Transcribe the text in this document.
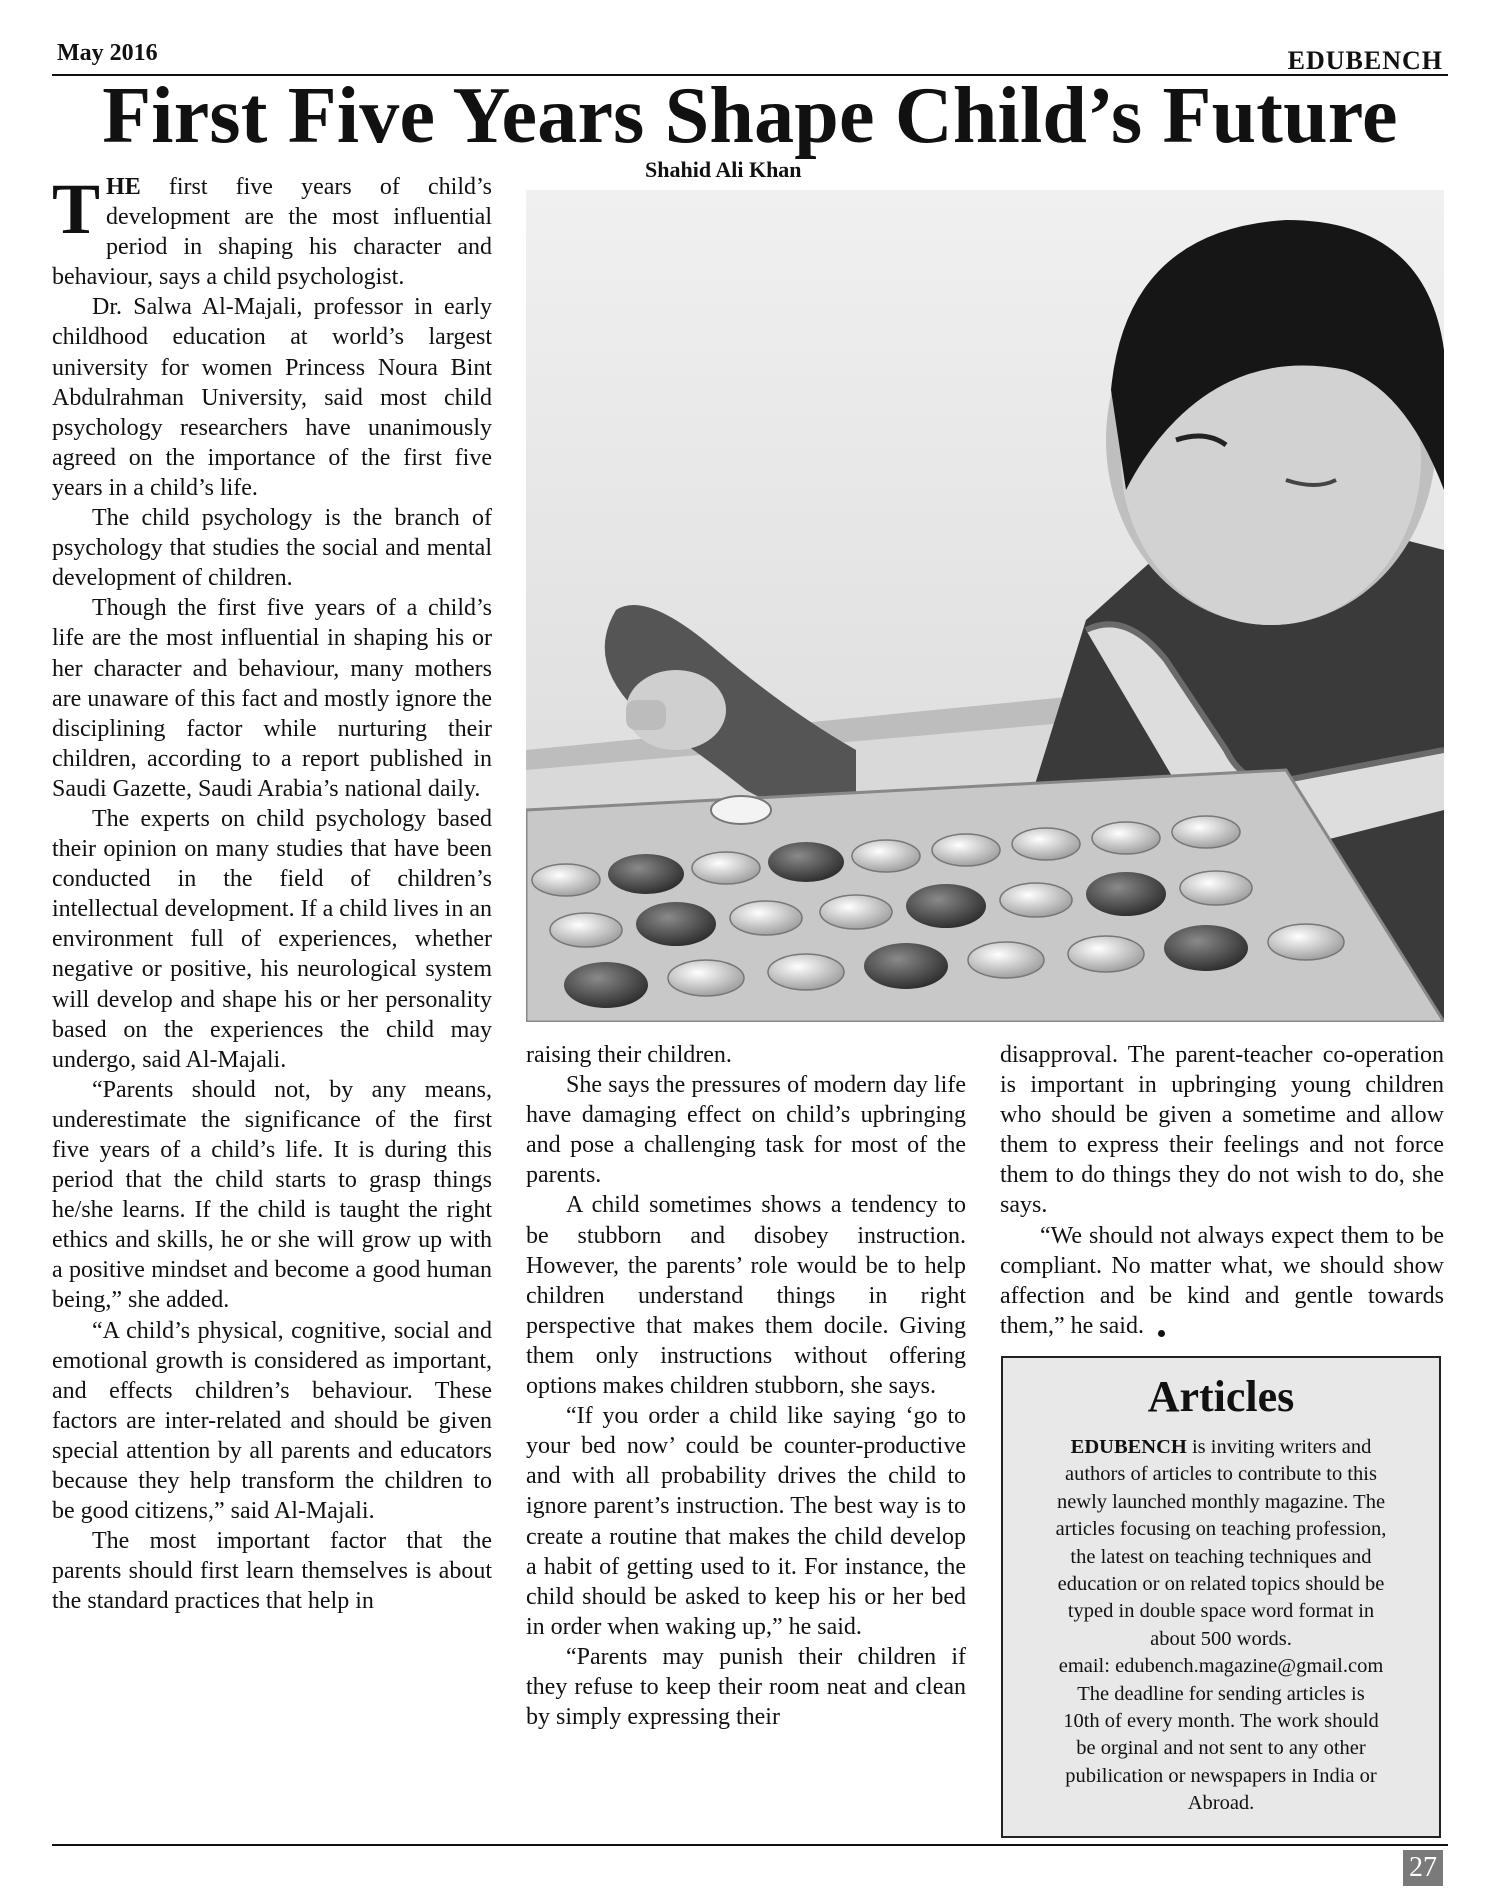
May 2016	EDUBENCH
First Five Years Shape Child’s Future
Shahid Ali Khan

THE first five years of child’s development are the most influential period in shaping his character and behaviour, says a child psychologist.

Dr. Salwa Al-Majali, professor in early childhood education at world’s largest university for women Princess Noura Bint Abdulrahman University, said most child psychology researchers have unanimously agreed on the importance of the first five years in a child’s life.

The child psychology is the branch of psychology that studies the social and mental development of children.

Though the first five years of a child’s life are the most influential in shaping his or her character and behaviour, many mothers are unaware of this fact and mostly ignore the disciplining factor while nurturing their children, according to a report published in Saudi Gazette, Saudi Arabia’s national daily.

The experts on child psychology based their opinion on many studies that have been conducted in the field of children’s intellectual development. If a child lives in an environment full of experiences, whether negative or positive, his neurological system will develop and shape his or her personality based on the experiences the child may undergo, said Al-Majali.

“Parents should not, by any means, underestimate the significance of the first five years of a child’s life. It is during this period that the child starts to grasp things he/she learns. If the child is taught the right ethics and skills, he or she will grow up with a positive mindset and become a good human being,” she added.

“A child’s physical, cognitive, social and emotional growth is considered as important, and effects children’s behaviour. These factors are inter-related and should be given special attention by all parents and educators because they help transform the children to be good citizens,” said Al-Majali.

The most important factor that the parents should first learn themselves is about the standard practices that help in

raising their children.

She says the pressures of modern day life have damaging effect on child’s upbringing and pose a challenging task for most of the parents.

A child sometimes shows a tendency to be stubborn and disobey instruction. However, the parents’ role would be to help children understand things in right perspective that makes them docile. Giving them only instructions without offering options makes children stubborn, she says.

“If you order a child like saying ‘go to your bed now’ could be counter-productive and with all probability drives the child to ignore parent’s instruction. The best way is to create a routine that makes the child develop a habit of getting used to it. For instance, the child should be asked to keep his or her bed in order when waking up,” he said.

“Parents may punish their children if they refuse to keep their room neat and clean by simply expressing their

disapproval. The parent-teacher co-operation is important in upbringing young children who should be given a sometime and allow them to express their feelings and not force them to do things they do not wish to do, she says.

“We should not always expect them to be compliant. No matter what, we should show affection and be kind and gentle towards them,” he said.

Articles
EDUBENCH is inviting writers and
authors of articles to contribute to this
newly launched monthly magazine. The
articles focusing on teaching profession,
the latest on teaching techniques and
education or on related topics should be
typed in double space word format in
about 500 words.
email: edubench.magazine@gmail.com
The deadline for sending articles is
10th of every month. The work should
be orginal and not sent to any other
pubilication or newspapers in India or
Abroad.
27
